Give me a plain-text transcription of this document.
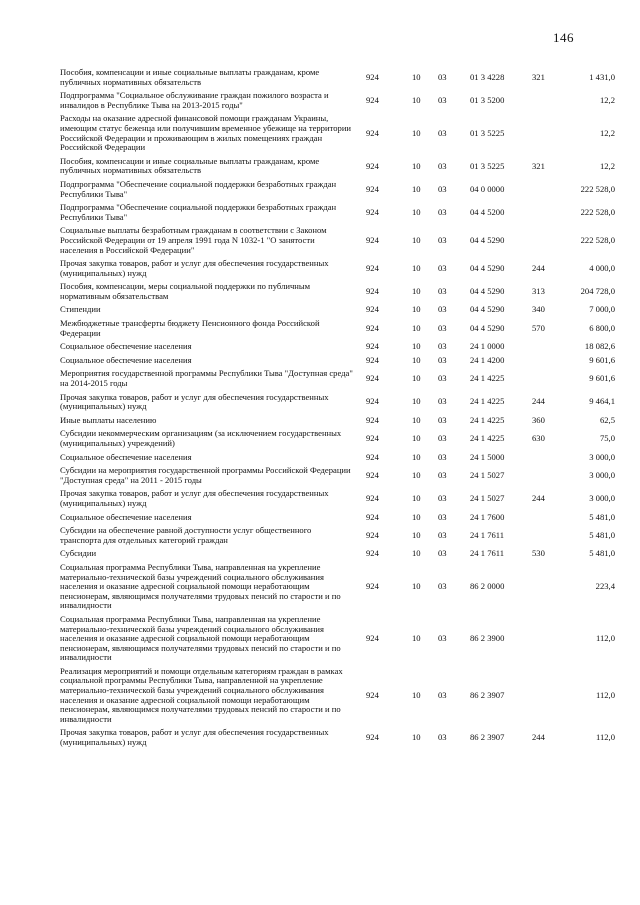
146
Пособия, компенсации и иные социальные выплаты гражданам, кроме публичных нормативных обязательств	924	10	03	01 3 4228	321	1 431,0
Подпрограмма "Социальное обслуживание граждан пожилого возраста и инвалидов в Республике Тыва на 2013-2015 годы"	924	10	03	01 3 5200		12,2
Расходы на оказание адресной финансовой помощи гражданам Украины, имеющим статус беженца или получившим временное убежище на территории Российской Федерации и проживающим в жилых помещениях граждан Российской Федерации	924	10	03	01 3 5225		12,2
Пособия, компенсации и иные социальные выплаты гражданам, кроме публичных нормативных обязательств	924	10	03	01 3 5225	321	12,2
Подпрограмма "Обеспечение социальной поддержки безработных граждан Республики Тыва"	924	10	03	04 0 0000		222 528,0
Подпрограмма "Обеспечение социальной поддержки безработных граждан Республики Тыва"	924	10	03	04 4 5200		222 528,0
Социальные выплаты безработным гражданам в соответствии с Законом Российской Федерации от 19 апреля 1991 года N 1032-1 "О занятости населения в Российской Федерации"	924	10	03	04 4 5290		222 528,0
Прочая закупка товаров, работ и услуг для обеспечения государственных (муниципальных) нужд	924	10	03	04 4 5290	244	4 000,0
Пособия, компенсации, меры социальной поддержки по публичным нормативным обязательствам	924	10	03	04 4 5290	313	204 728,0
Стипендии	924	10	03	04 4 5290	340	7 000,0
Межбюджетные трансферты бюджету Пенсионного фонда Российской Федерации	924	10	03	04 4 5290	570	6 800,0
Социальное обеспечение населения	924	10	03	24 1 0000		18 082,6
Социальное обеспечение населения	924	10	03	24 1 4200		9 601,6
Мероприятия государственной программы Республики Тыва "Доступная среда" на 2014-2015 годы	924	10	03	24 1 4225		9 601,6
Прочая закупка товаров, работ и услуг для обеспечения государственных (муниципальных) нужд	924	10	03	24 1 4225	244	9 464,1
Иные выплаты населению	924	10	03	24 1 4225	360	62,5
Субсидии некоммерческим организациям (за исключением государственных (муниципальных) учреждений)	924	10	03	24 1 4225	630	75,0
Социальное обеспечение населения	924	10	03	24 1 5000		3 000,0
Субсидии на мероприятия государственной программы Российской Федерации "Доступная среда" на 2011 - 2015 годы	924	10	03	24 1 5027		3 000,0
Прочая закупка товаров, работ и услуг для обеспечения государственных (муниципальных) нужд	924	10	03	24 1 5027	244	3 000,0
Социальное обеспечение населения	924	10	03	24 1 7600		5 481,0
Субсидии на обеспечение равной доступности услуг общественного транспорта для отдельных категорий граждан	924	10	03	24 1 7611		5 481,0
Субсидии	924	10	03	24 1 7611	530	5 481,0
Социальная программа Республики Тыва, направленная на укрепление материально-технической базы учреждений социального обслуживания населения и оказание адресной социальной помощи неработающим пенсионерам, являющимся получателями трудовых пенсий по старости и по инвалидности	924	10	03	86 2 0000		223,4
Социальная программа Республики Тыва, направленная на укрепление материально-технической базы учреждений социального обслуживания населения и оказание адресной социальной помощи неработающим пенсионерам, являющимся получателями трудовых пенсий по старости и по инвалидности	924	10	03	86 2 3900		112,0
Реализация мероприятий и помощи отдельным категориям граждан в рамках социальной программы Республики Тыва, направленной на укрепление материально-технической базы учреждений социального обслуживания населения и оказание адресной социальной помощи неработающим пенсионерам, являющимся получателями трудовых пенсий по старости и по инвалидности	924	10	03	86 2 3907		112,0
Прочая закупка товаров, работ и услуг для обеспечения государственных (муниципальных) нужд	924	10	03	86 2 3907	244	112,0
